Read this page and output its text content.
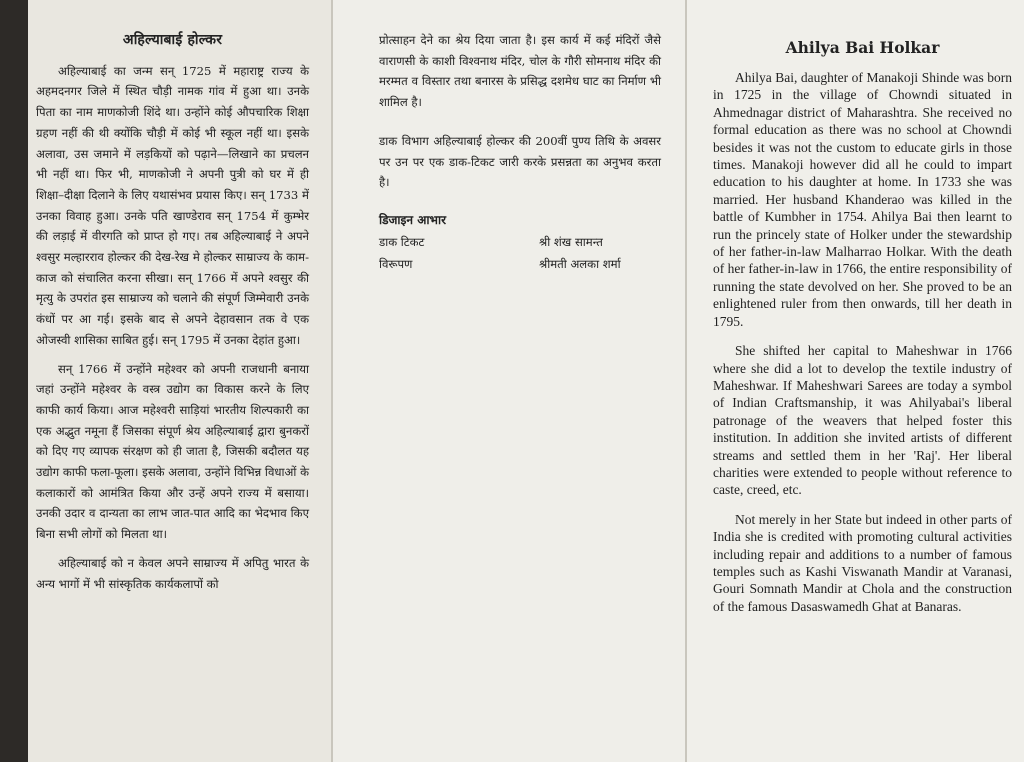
अहिल्याबाई होल्कर

अहिल्याबाई का जन्म सन् 1725 में महाराष्ट्र राज्य के अहमदनगर जिले में स्थित चौड़ी नामक गांव में हुआ था। उनके पिता का नाम माणकोजी शिंदे था। उन्होंने कोई औपचारिक शिक्षा ग्रहण नहीं की थी क्योंकि चौड़ी में कोई भी स्कूल नहीं था। इसके अलावा, उस जमाने में लड़कियों को पढ़ाने—लिखाने का प्रचलन भी नहीं था। फिर भी, माणकोजी ने अपनी पुत्री को घर में ही शिक्षा–दीक्षा दिलाने के लिए यथासंभव प्रयास किए। सन् 1733 में उनका विवाह हुआ। उनके पति खाण्डेराव सन् 1754 में कुम्भेर की लड़ाई में वीरगति को प्राप्त हो गए। तब अहिल्याबाई ने अपने श्वसुर मल्हारराव होल्कर की देख-रेख मे होल्कर साम्राज्य के काम-काज को संचालित करना सीखा। सन् 1766 में अपने श्वसुर की मृत्यु के उपरांत इस साम्राज्य को चलाने की संपूर्ण जिम्मेवारी उनके कंधों पर आ गई। इसके बाद से अपने देहावसान तक वे एक ओजस्वी शासिका साबित हुई। सन् 1795 में उनका देहांत हुआ।

सन् 1766 में उन्होंने महेश्वर को अपनी राजधानी बनाया जहां उन्होंने महेश्वर के वस्त्र उद्योग का विकास करने के लिए काफी कार्य किया। आज महेश्वरी साड़ियां भारतीय शिल्पकारी का एक अद्भुत नमूना हैं जिसका संपूर्ण श्रेय अहिल्याबाई द्वारा बुनकरों को दिए गए व्यापक संरक्षण को ही जाता है, जिसकी बदौलत यह उद्योग काफी फला-फूला। इसके अलावा, उन्होंने विभिन्न विधाओं के कलाकारों को आमंत्रित किया और उन्हें अपने राज्य में बसाया। उनकी उदार व दान्यता का लाभ जात-पात आदि का भेदभाव किए बिना सभी लोगों को मिलता था।

अहिल्याबाई को न केवल अपने साम्राज्य में अपितु भारत के अन्य भागों में भी सांस्कृतिक कार्यकलापों को

प्रोत्साहन देने का श्रेय दिया जाता है। इस कार्य में कई मंदिरों जैसे वाराणसी के काशी विश्वनाथ मंदिर, चोल के गौरी सोमनाथ मंदिर की मरम्मत व विस्तार तथा बनारस के प्रसिद्ध दशमेध घाट का निर्माण भी शामिल है।

डाक विभाग अहिल्याबाई होल्कर की 200वीं पुण्य तिथि के अवसर पर उन पर एक डाक-टिकट जारी करके प्रसन्नता का अनुभव करता है।

डिजाइन आभार
डाक टिकट	श्री शंख सामन्त
विरूपण	श्रीमती अलका शर्मा
Ahilya Bai Holkar

Ahilya Bai, daughter of Manakoji Shinde was born in 1725 in the village of Chowndi situated in Ahmednagar district of Maharashtra. She received no formal education as there was no school at Chowndi besides it was not the custom to educate girls in those times. Manakoji however did all he could to impart education to his daughter at home. In 1733 she was married. Her husband Khanderao was killed in the battle of Kumbher in 1754. Ahilya Bai then learnt to run the princely state of Holker under the stewardship of her father-in-law Malharrao Holkar. With the death of her father-in-law in 1766, the entire responsibility of running the state devolved on her. She proved to be an enlightened ruler from then onwards, till her death in 1795.

She shifted her capital to Maheshwar in 1766 where she did a lot to develop the textile industry of Maheshwar. If Maheshwari Sarees are today a symbol of Indian Craftsmanship, it was Ahilyabai's liberal patronage of the weavers that helped foster this institution. In addition she invited artists of different streams and settled them in her 'Raj'. Her liberal charities were extended to people without reference to caste, creed, etc.

Not merely in her State but indeed in other parts of India she is credited with promoting cultural activities including repair and additions to a number of famous temples such as Kashi Viswanath Mandir at Varanasi, Gouri Somnath Mandir at Chola and the construction of the famous Dasaswamedh Ghat at Banaras.
